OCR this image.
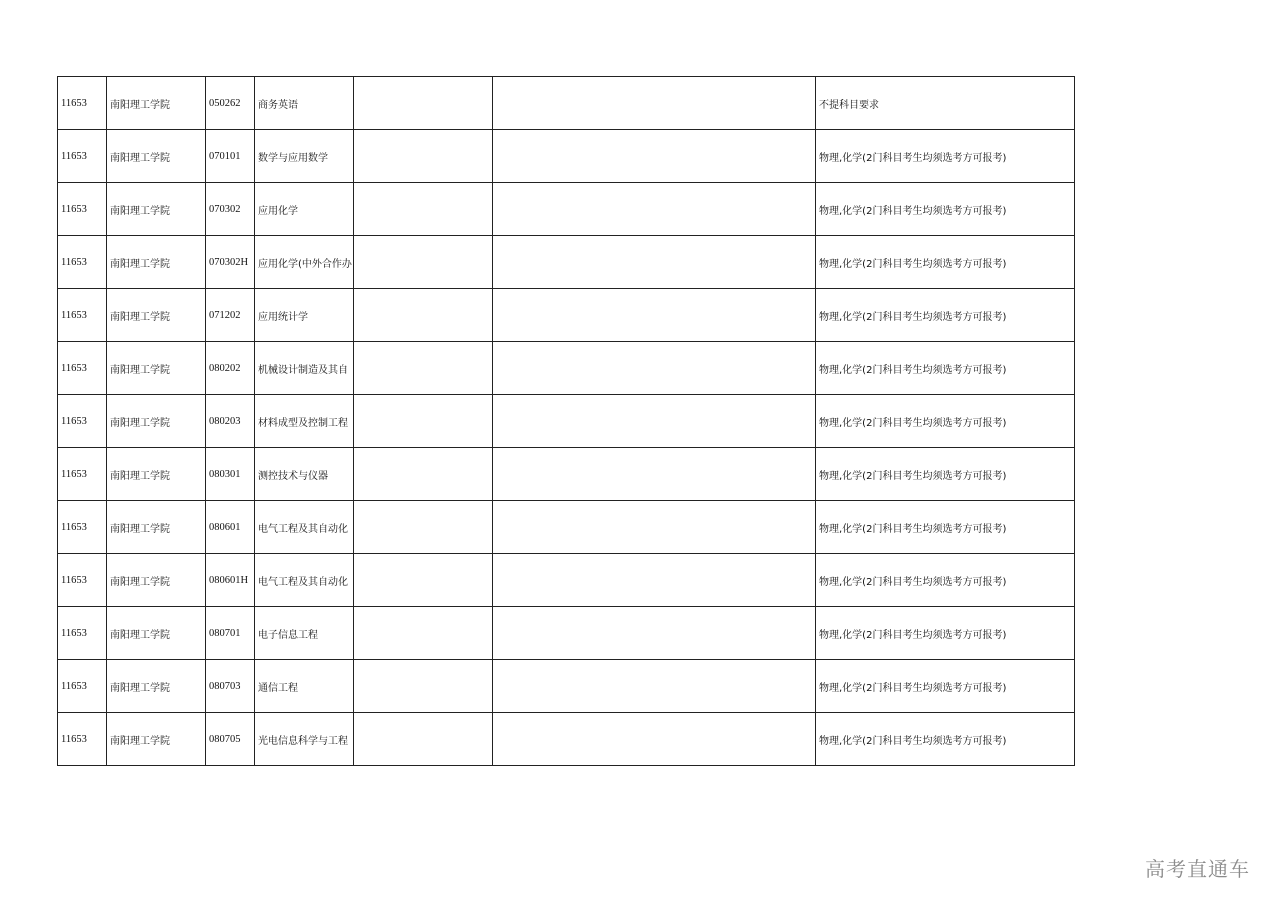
11653	南阳理工学院	050262	商务英语			不提科目要求
11653	南阳理工学院	070101	数学与应用数学			物理,化学(2门科目考生均须选考方可报考)
11653	南阳理工学院	070302	应用化学			物理,化学(2门科目考生均须选考方可报考)
11653	南阳理工学院	070302H	应用化学(中外合作办			物理,化学(2门科目考生均须选考方可报考)
11653	南阳理工学院	071202	应用统计学			物理,化学(2门科目考生均须选考方可报考)
11653	南阳理工学院	080202	机械设计制造及其自			物理,化学(2门科目考生均须选考方可报考)
11653	南阳理工学院	080203	材料成型及控制工程			物理,化学(2门科目考生均须选考方可报考)
11653	南阳理工学院	080301	测控技术与仪器			物理,化学(2门科目考生均须选考方可报考)
11653	南阳理工学院	080601	电气工程及其自动化			物理,化学(2门科目考生均须选考方可报考)
11653	南阳理工学院	080601H	电气工程及其自动化			物理,化学(2门科目考生均须选考方可报考)
11653	南阳理工学院	080701	电子信息工程			物理,化学(2门科目考生均须选考方可报考)
11653	南阳理工学院	080703	通信工程			物理,化学(2门科目考生均须选考方可报考)
11653	南阳理工学院	080705	光电信息科学与工程			物理,化学(2门科目考生均须选考方可报考)
高考直通车
